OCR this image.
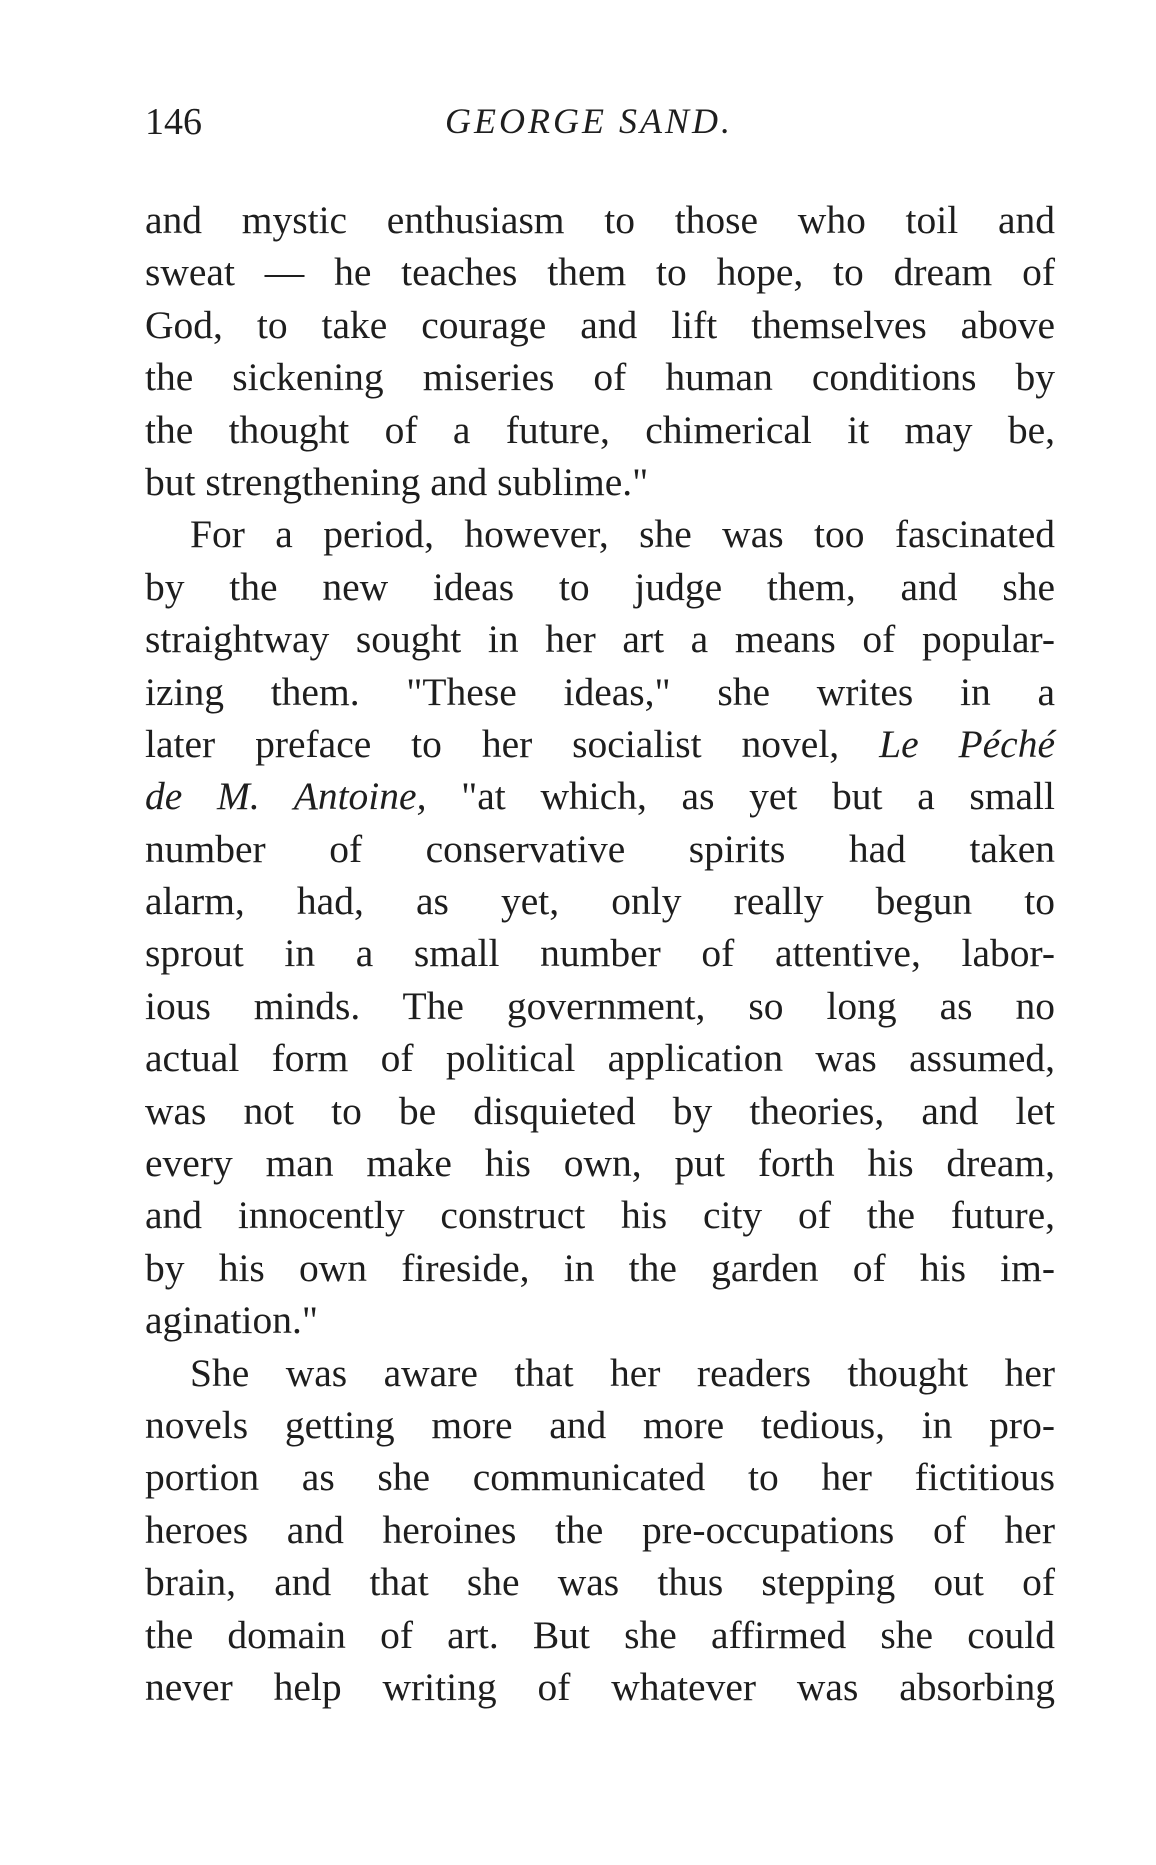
146	GEORGE SAND.
and mystic enthusiasm to those who toil and
sweat — he teaches them to hope, to dream of
God, to take courage and lift themselves above
the sickening miseries of human conditions by
the thought of a future, chimerical it may be,
but strengthening and sublime."
For a period, however, she was too fascinated
by the new ideas to judge them, and she
straightway sought in her art a means of popular-
izing them. "These ideas," she writes in a
later preface to her socialist novel, Le Péché
de M. Antoine, "at which, as yet but a small
number of conservative spirits had taken
alarm, had, as yet, only really begun to
sprout in a small number of attentive, labor-
ious minds. The government, so long as no
actual form of political application was assumed,
was not to be disquieted by theories, and let
every man make his own, put forth his dream,
and innocently construct his city of the future,
by his own fireside, in the garden of his im-
agination."
She was aware that her readers thought her
novels getting more and more tedious, in pro-
portion as she communicated to her fictitious
heroes and heroines the pre-occupations of her
brain, and that she was thus stepping out of
the domain of art. But she affirmed she could
never help writing of whatever was absorbing
